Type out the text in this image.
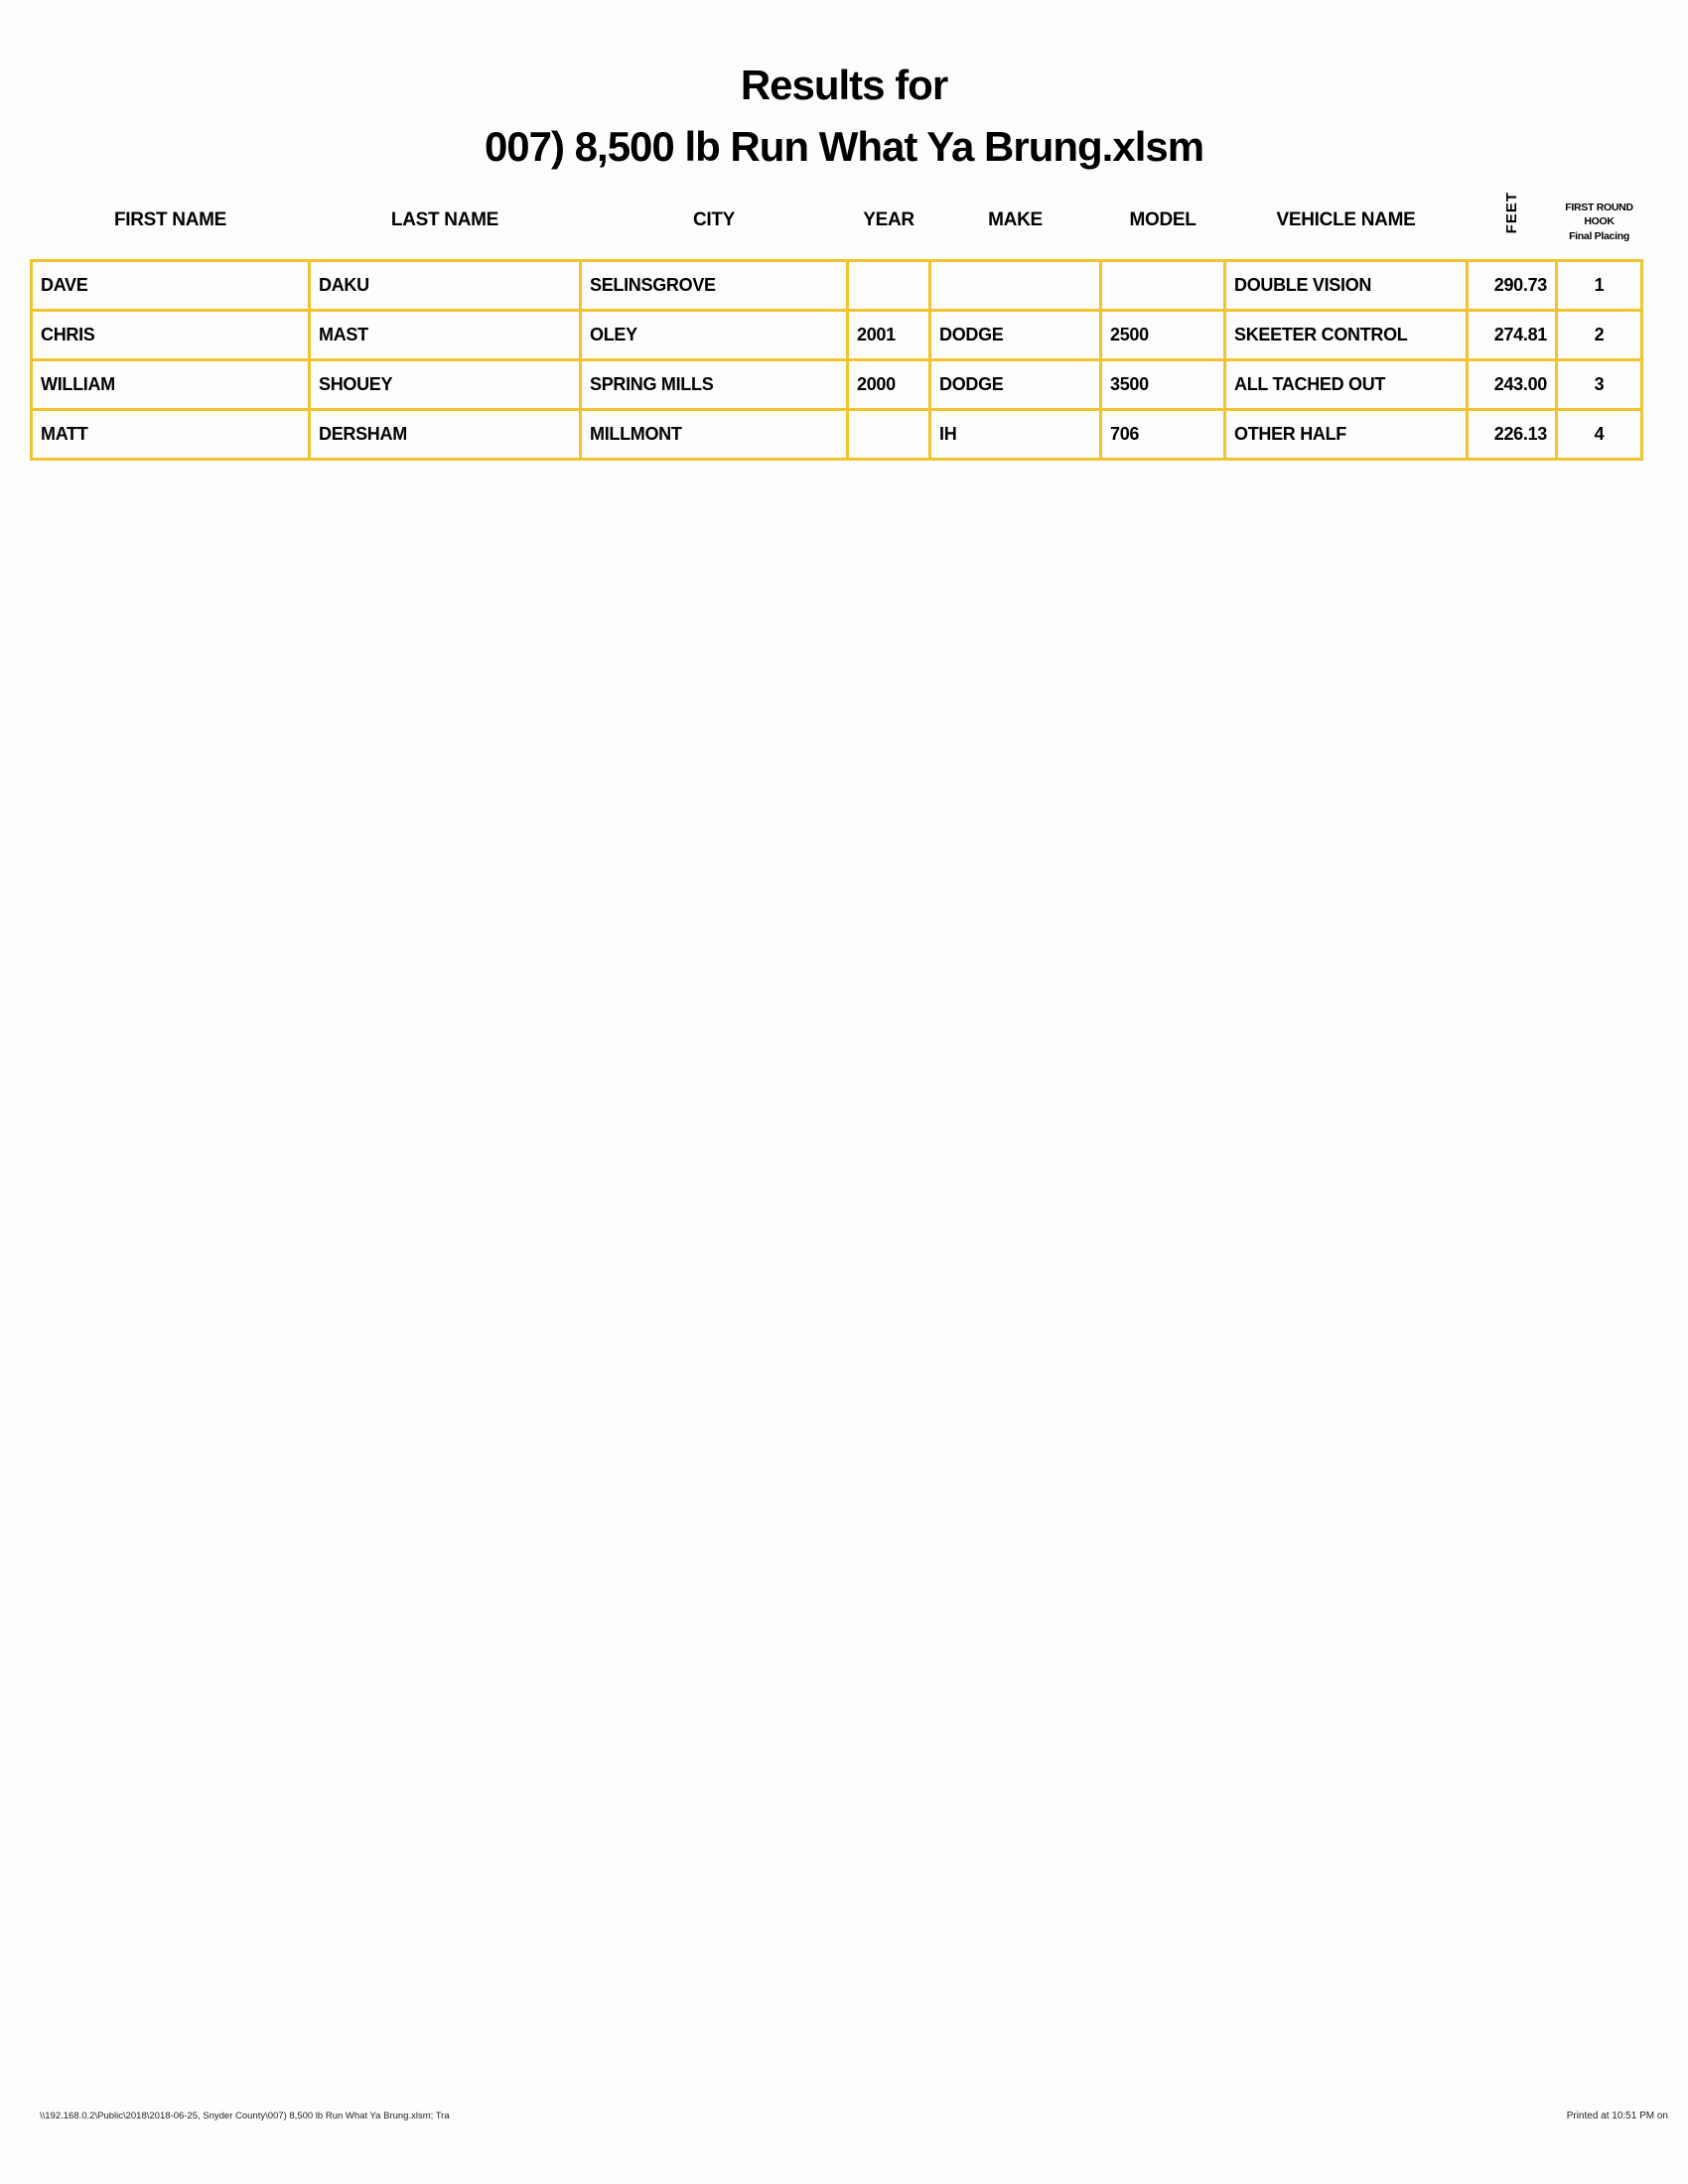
Results for
007) 8,500 lb Run What Ya Brung.xlsm
FIRST NAME	LAST NAME	CITY	YEAR	MAKE	MODEL	VEHICLE NAME	FEET	FIRST ROUND
HOOK
Final Placing

DAVE	DAKU	SELINSGROVE				DOUBLE VISION	290.73	1
CHRIS	MAST	OLEY	2001	DODGE	2500	SKEETER CONTROL	274.81	2
WILLIAM	SHOUEY	SPRING MILLS	2000	DODGE	3500	ALL TACHED OUT	243.00	3
MATT	DERSHAM	MILLMONT		IH	706	OTHER HALF	226.13	4
\\192.168.0.2\Public\2018\2018-06-25, Snyder County\007) 8,500 lb Run What Ya Brung.xlsm; Tra	Printed at 10:51 PM on
